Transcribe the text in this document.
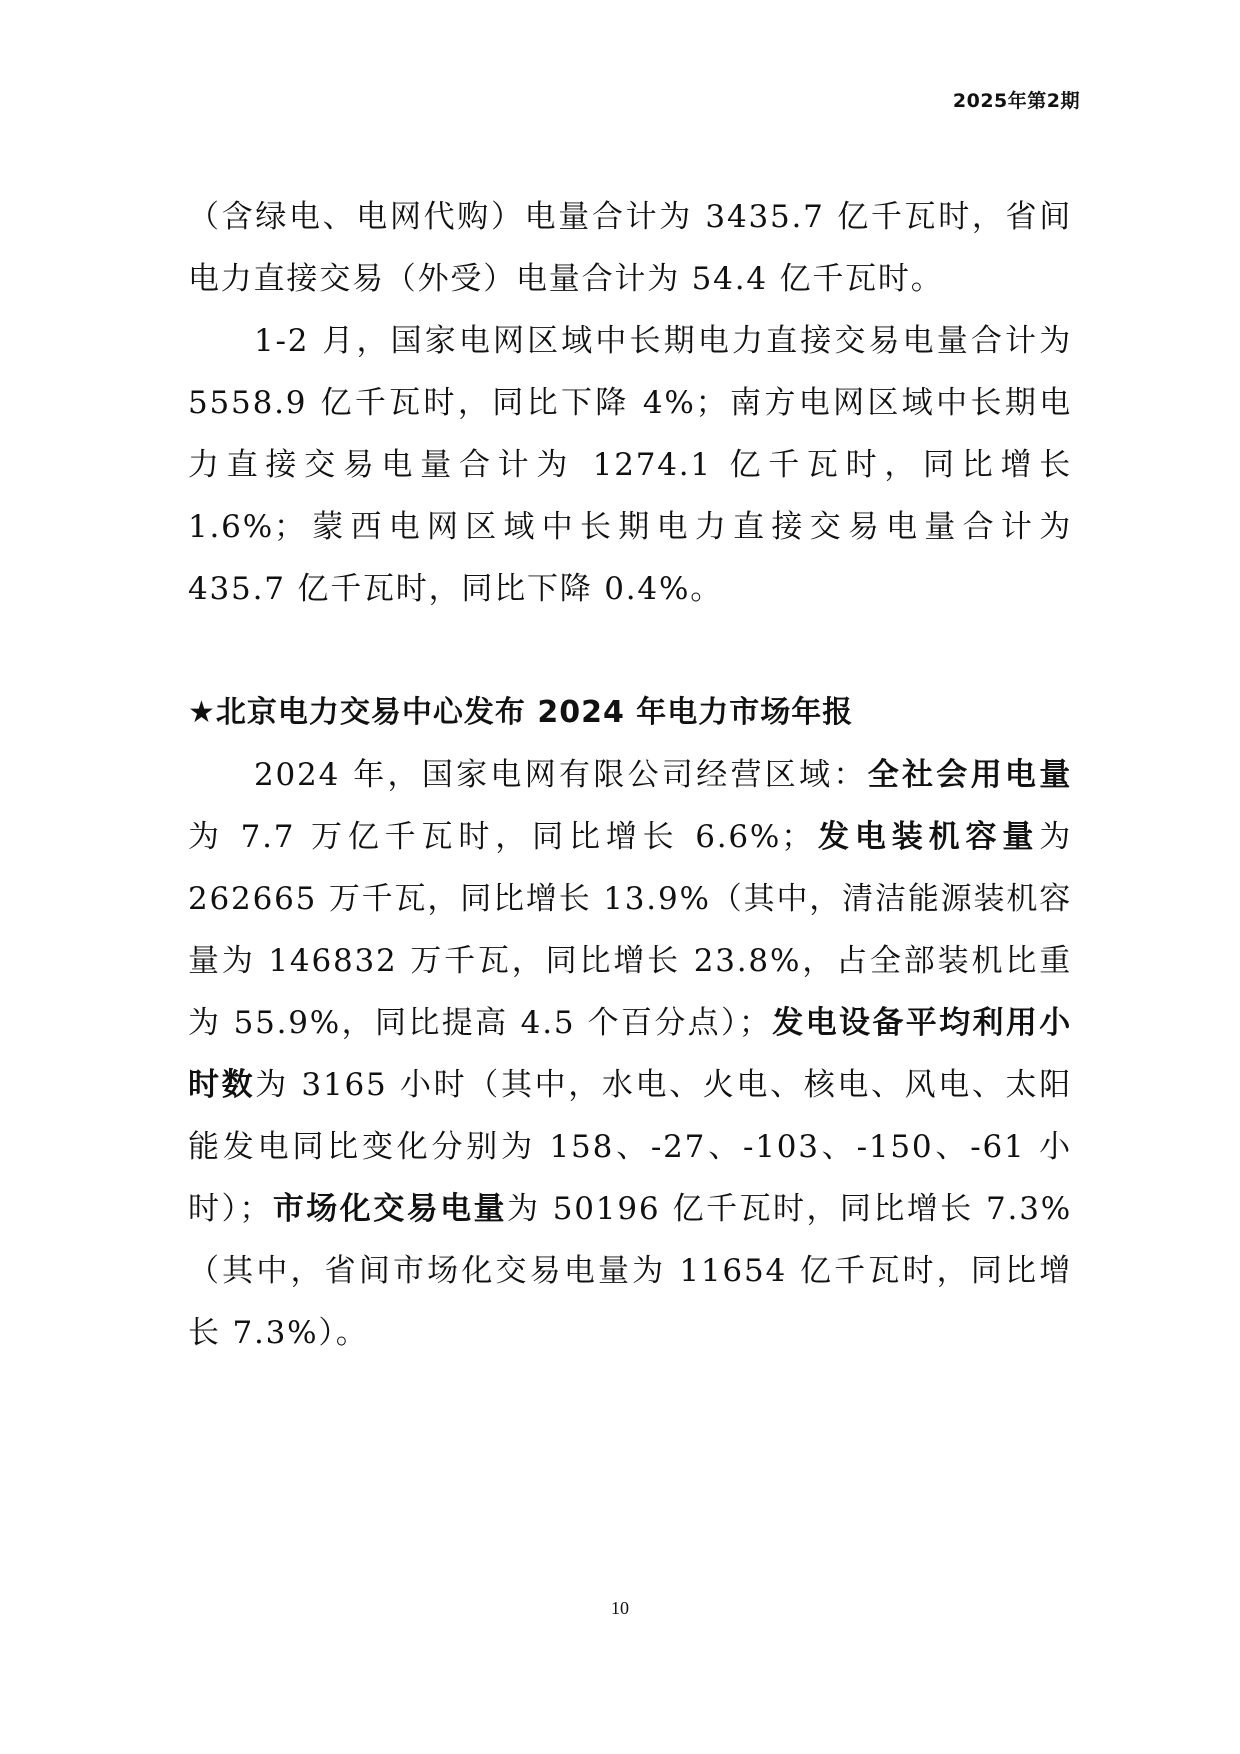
2025年第2期

（含绿电、电网代购）电量合计为 3435.7 亿千瓦时，省间电力直接交易（外受）电量合计为 54.4 亿千瓦时。

1-2 月，国家电网区域中长期电力直接交易电量合计为5558.9 亿千瓦时，同比下降 4%；南方电网区域中长期电力直接交易电量合计为 1274.1 亿千瓦时，同比增长 1.6%；蒙西电网区域中长期电力直接交易电量合计为 435.7 亿千瓦时，同比下降 0.4%。

★北京电力交易中心发布 2024 年电力市场年报

2024 年，国家电网有限公司经营区域：全社会用电量为 7.7 万亿千瓦时，同比增长 6.6%；发电装机容量为 262665 万千瓦，同比增长 13.9%（其中，清洁能源装机容量为 146832 万千瓦，同比增长 23.8%，占全部装机比重为 55.9%，同比提高 4.5 个百分点）；发电设备平均利用小时数为 3165 小时（其中，水电、火电、核电、风电、太阳能发电同比变化分别为 158、-27、-103、-150、-61 小时）；市场化交易电量为 50196 亿千瓦时，同比增长 7.3%（其中，省间市场化交易电量为 11654 亿千瓦时，同比增长 7.3%）。

10
